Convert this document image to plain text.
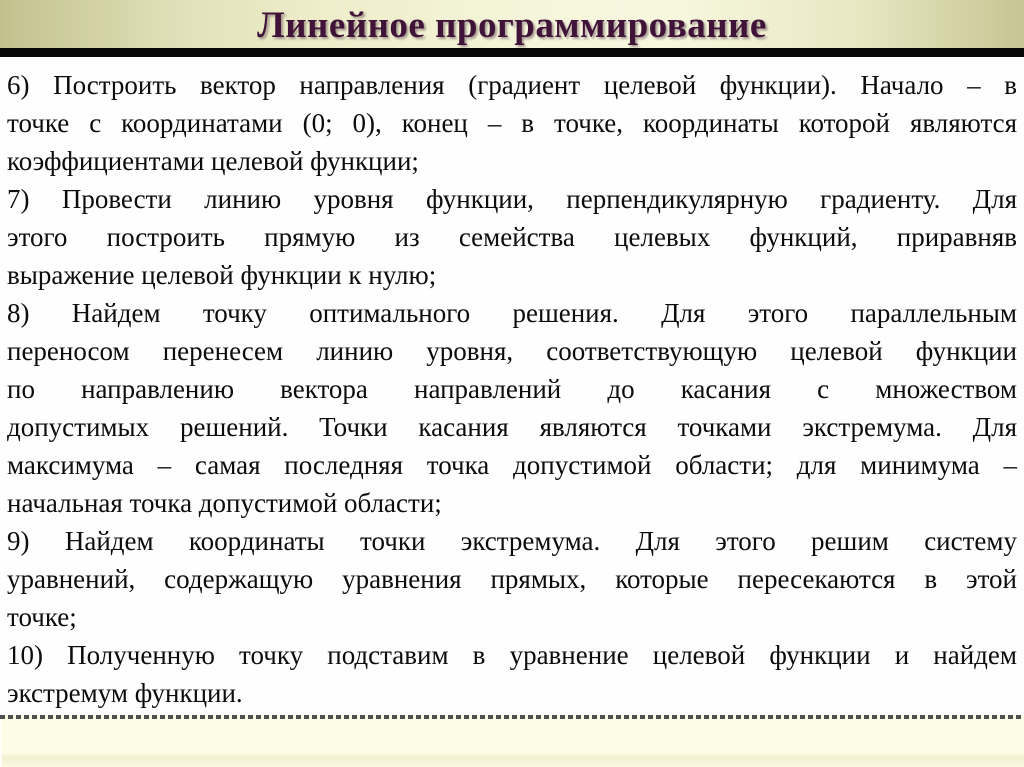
Линейное программирование
6) Построить вектор направления (градиент целевой функции). Начало – в
точке с координатами (0; 0), конец – в точке, координаты которой являются
коэффициентами целевой функции;
7) Провести линию уровня функции, перпендикулярную градиенту. Для
этого построить прямую из семейства целевых функций, приравняв
выражение целевой функции к нулю;
8) Найдем точку оптимального решения. Для этого параллельным
переносом перенесем линию уровня, соответствующую целевой функции
по направлению вектора направлений до касания с множеством
допустимых решений. Точки касания являются точками экстремума. Для
максимума – самая последняя точка допустимой области; для минимума –
начальная точка допустимой области;
9) Найдем координаты точки экстремума. Для этого решим систему
уравнений, содержащую уравнения прямых, которые пересекаются в этой
точке;
10) Полученную точку подставим в уравнение целевой функции и найдем
экстремум функции.
